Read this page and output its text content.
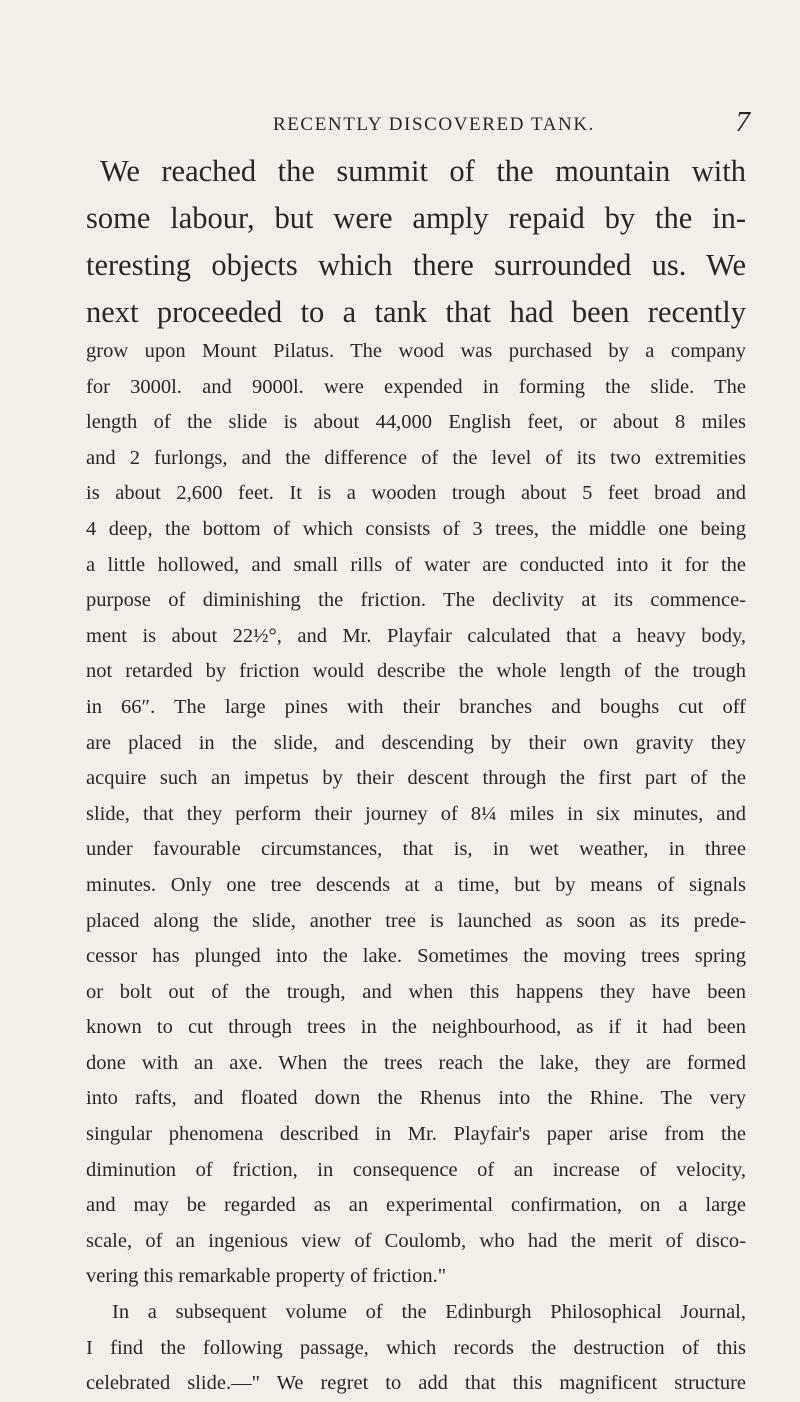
RECENTLY DISCOVERED TANK.	7
We reached the summit of the mountain with
some labour, but were amply repaid by the in-
teresting objects which there surrounded us. We
next proceeded to a tank that had been recently
grow upon Mount Pilatus. The wood was purchased by a company
for 3000l. and 9000l. were expended in forming the slide. The
length of the slide is about 44,000 English feet, or about 8 miles
and 2 furlongs, and the difference of the level of its two extremities
is about 2,600 feet. It is a wooden trough about 5 feet broad and
4 deep, the bottom of which consists of 3 trees, the middle one being
a little hollowed, and small rills of water are conducted into it for the
purpose of diminishing the friction. The declivity at its commence-
ment is about 22½°, and Mr. Playfair calculated that a heavy body,
not retarded by friction would describe the whole length of the trough
in 66″. The large pines with their branches and boughs cut off
are placed in the slide, and descending by their own gravity they
acquire such an impetus by their descent through the first part of the
slide, that they perform their journey of 8¼ miles in six minutes, and
under favourable circumstances, that is, in wet weather, in three
minutes. Only one tree descends at a time, but by means of signals
placed along the slide, another tree is launched as soon as its prede-
cessor has plunged into the lake. Sometimes the moving trees spring
or bolt out of the trough, and when this happens they have been
known to cut through trees in the neighbourhood, as if it had been
done with an axe. When the trees reach the lake, they are formed
into rafts, and floated down the Rhenus into the Rhine. The very
singular phenomena described in Mr. Playfair's paper arise from the
diminution of friction, in consequence of an increase of velocity,
and may be regarded as an experimental confirmation, on a large
scale, of an ingenious view of Coulomb, who had the merit of disco-
vering this remarkable property of friction."
In a subsequent volume of the Edinburgh Philosophical Journal,
I find the following passage, which records the destruction of this
celebrated slide.—" We regret to add that this magnificent structure
